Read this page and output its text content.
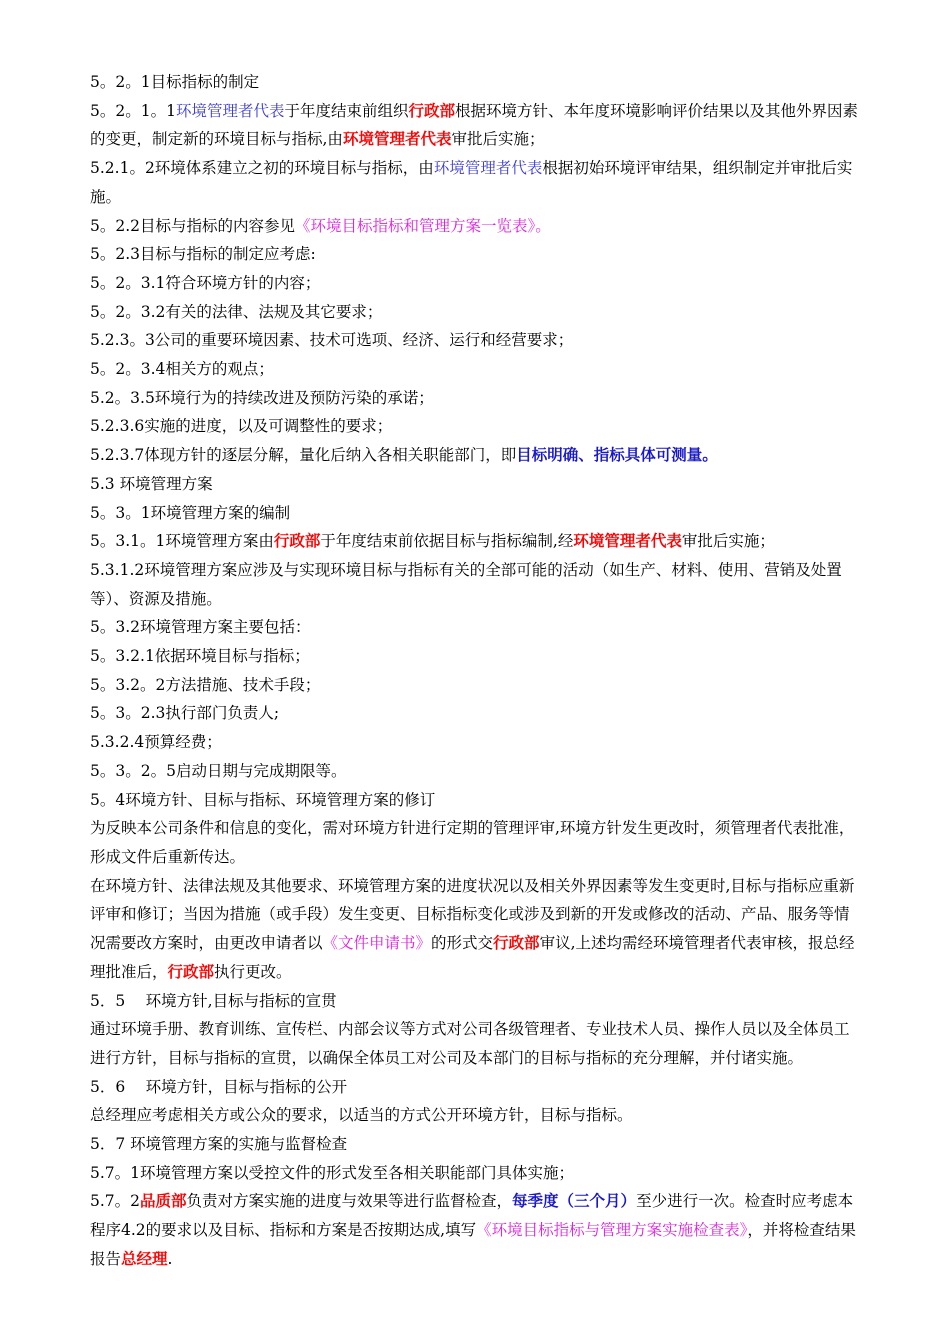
5。2。1目标指标的制定
5。2。1。1环境管理者代表于年度结束前组织行政部根据环境方针、本年度环境影响评价结果以及其他外界因素的变更，制定新的环境目标与指标,由环境管理者代表审批后实施；
5.2.1。2环境体系建立之初的环境目标与指标，由环境管理者代表根据初始环境评审结果，组织制定并审批后实施。
5。2.2目标与指标的内容参见《环境目标指标和管理方案一览表》。
5。2.3目标与指标的制定应考虑:
5。2。3.1符合环境方针的内容；
5。2。3.2有关的法律、法规及其它要求；
5.2.3。3公司的重要环境因素、技术可选项、经济、运行和经营要求；
5。2。3.4相关方的观点；
5.2。3.5环境行为的持续改进及预防污染的承诺；
5.2.3.6实施的进度，以及可调整性的要求；
5.2.3.7体现方针的逐层分解，量化后纳入各相关职能部门，即目标明确、指标具体可测量。
5.3 环境管理方案
5。3。1环境管理方案的编制
5。3.1。1环境管理方案由行政部于年度结束前依据目标与指标编制,经环境管理者代表审批后实施；
5.3.1.2环境管理方案应涉及与实现环境目标与指标有关的全部可能的活动（如生产、材料、使用、营销及处置等）、资源及措施。
5。3.2环境管理方案主要包括：
5。3.2.1依据环境目标与指标；
5。3.2。2方法措施、技术手段；
5。3。2.3执行部门负责人;
5.3.2.4预算经费；
5。3。2。5启动日期与完成期限等。
5。4环境方针、目标与指标、环境管理方案的修订
为反映本公司条件和信息的变化，需对环境方针进行定期的管理评审,环境方针发生更改时，须管理者代表批准，形成文件后重新传达。
在环境方针、法律法规及其他要求、环境管理方案的进度状况以及相关外界因素等发生变更时,目标与指标应重新评审和修订；当因为措施（或手段）发生变更、目标指标变化或涉及到新的开发或修改的活动、产品、服务等情况需要改方案时，由更改申请者以《文件申请书》的形式交行政部审议,上述均需经环境管理者代表审核，报总经理批准后，行政部执行更改。
5．5　 环境方针,目标与指标的宣贯
通过环境手册、教育训练、宣传栏、内部会议等方式对公司各级管理者、专业技术人员、操作人员以及全体员工进行方针，目标与指标的宣贯，以确保全体员工对公司及本部门的目标与指标的充分理解，并付诸实施。
5．6　 环境方针，目标与指标的公开
总经理应考虑相关方或公众的要求，以适当的方式公开环境方针，目标与指标。
5．7 环境管理方案的实施与监督检查
5.7。1环境管理方案以受控文件的形式发至各相关职能部门具体实施；
5.7。2品质部负责对方案实施的进度与效果等进行监督检查，每季度（三个月）至少进行一次。检查时应考虑本程序4.2的要求以及目标、指标和方案是否按期达成,填写《环境目标指标与管理方案实施检查表》，并将检查结果报告总经理.
